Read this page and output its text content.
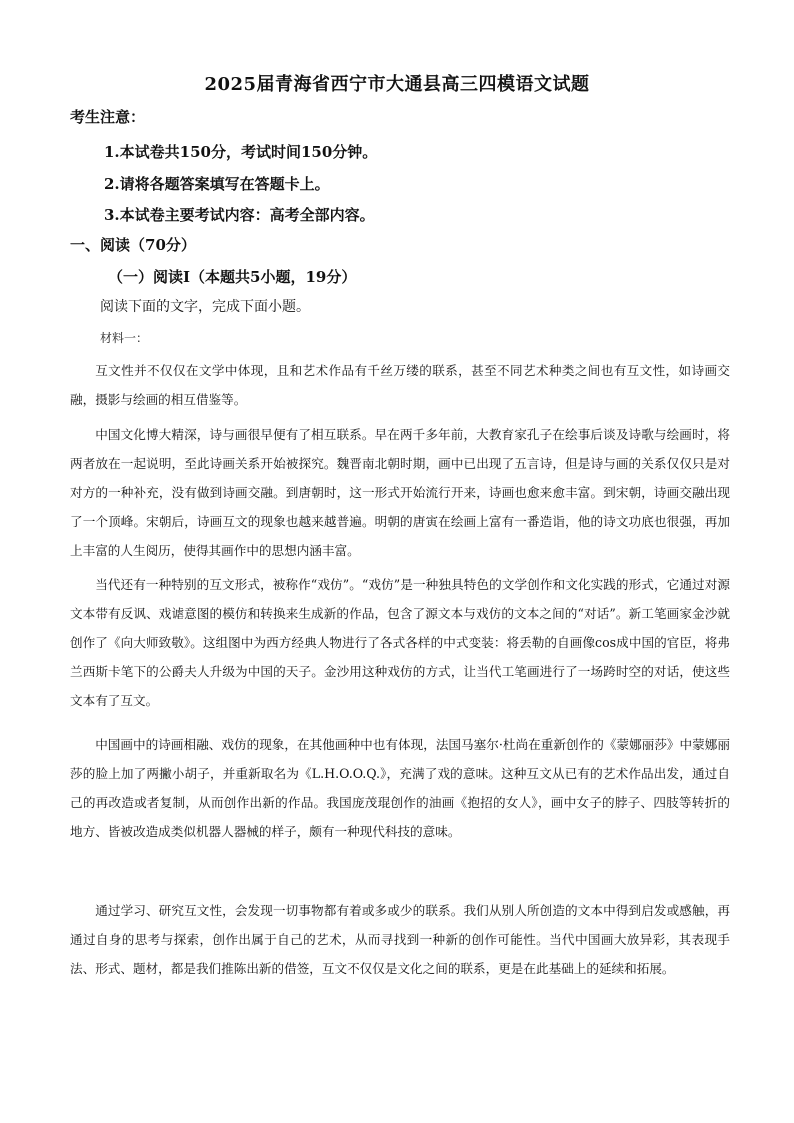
2025届青海省西宁市大通县高三四模语文试题
考生注意：
1.本试卷共150分，考试时间150分钟。
2.请将各题答案填写在答题卡上。
3.本试卷主要考试内容：高考全部内容。
一、阅读（70分）
（一）阅读Ⅰ（本题共5小题，19分）
阅读下面的文字，完成下面小题。
材料一：

互文性并不仅仅在文学中体现，且和艺术作品有千丝万缕的联系，甚至不同艺术种类之间也有互文性，如诗画交融，摄影与绘画的相互借鉴等。

中国文化博大精深，诗与画很早便有了相互联系。早在两千多年前，大教育家孔子在绘事后谈及诗歌与绘画时，将两者放在一起说明，至此诗画关系开始被探究。魏晋南北朝时期，画中已出现了五言诗，但是诗与画的关系仅仅只是对对方的一种补充，没有做到诗画交融。到唐朝时，这一形式开始流行开来，诗画也愈来愈丰富。到宋朝，诗画交融出现了一个顶峰。宋朝后，诗画互文的现象也越来越普遍。明朝的唐寅在绘画上富有一番造诣，他的诗文功底也很强，再加上丰富的人生阅历，使得其画作中的思想内涵丰富。

当代还有一种特别的互文形式，被称作“戏仿”。“戏仿”是一种独具特色的文学创作和文化实践的形式，它通过对源文本带有反讽、戏谑意图的模仿和转换来生成新的作品，包含了源文本与戏仿的文本之间的“对话”。新工笔画家金沙就创作了《向大师致敬》。这组图中为西方经典人物进行了各式各样的中式变装：将丢勒的自画像cos成中国的官臣，将弗兰西斯卡笔下的公爵夫人升级为中国的天子。金沙用这种戏仿的方式，让当代工笔画进行了一场跨时空的对话，使这些文本有了互文。

中国画中的诗画相融、戏仿的现象，在其他画种中也有体现，法国马塞尔·杜尚在重新创作的《蒙娜丽莎》中蒙娜丽莎的脸上加了两撇小胡子，并重新取名为《L.H.O.O.Q.》，充满了戏的意味。这种互文从已有的艺术作品出发，通过自己的再改造或者复制，从而创作出新的作品。我国庞茂琨创作的油画《抱招的女人》，画中女子的脖子、四肢等转折的地方、皆被改造成类似机器人器械的样子，颇有一种现代科技的意味。

通过学习、研究互文性，会发现一切事物都有着或多或少的联系。我们从别人所创造的文本中得到启发或感触，再通过自身的思考与探索，创作出属于自己的艺术，从而寻找到一种新的创作可能性。当代中国画大放异彩，其表现手法、形式、题材，都是我们推陈出新的借签，互文不仅仅是文化之间的联系，更是在此基础上的延续和拓展。
